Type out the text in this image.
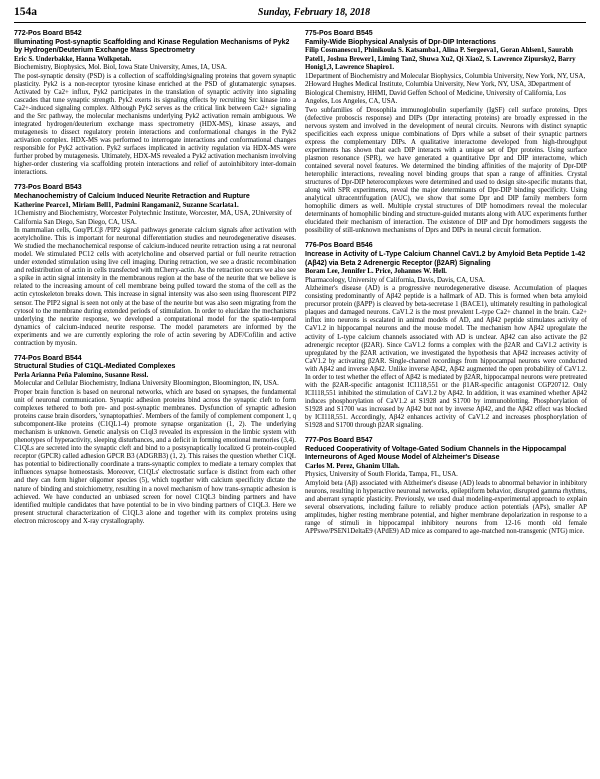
154a	Sunday, February 18, 2018
772-Pos Board B542
Illuminating Post-synaptic Scaffolding and Kinase Regulation Mechanisms of Pyk2 by Hydrogen/Deuterium Exchange Mass Spectrometry
Eric S. Underbakke, Hanna Wolkpetah.
Biochemistry, Biophysics, Mol. Biol, Iowa State University, Ames, IA, USA.

The post-synaptic density (PSD) is a collection of scaffolding/signaling proteins that govern synaptic plasticity. Pyk2 is a non-receptor tyrosine kinase enriched at the PSD of glutamatergic synapses. Activated by Ca2+ influx, Pyk2 participates in the translation of synaptic activity into signaling cascades that tune synaptic strength. Pyk2 exerts its signaling effects by recruiting Src kinase into a Ca2+-induced signaling complex. Although Pyk2 serves as the critical link between Ca2+ signaling and the Src pathway, the molecular mechanisms underlying Pyk2 activation remain ambiguous. We integrated hydrogen/deuterium exchange mass spectrometry (HDX-MS), kinase assays, and mutagenesis to dissect regulatory protein interactions and conformational changes in the Pyk2 activation complex. HDX-MS was performed to interrogate interactions and conformational changes responsible for Pyk2 activation. Pyk2 surfaces implicated in activity regulation via HDX-MS were further probed by mutagenesis. Ultimately, HDX-MS revealed a Pyk2 activation mechanism involving higher-order clustering via scaffolding protein interactions and relief of autoinhibitory inter-domain interactions.

773-Pos Board B543
Mechanochemistry of Calcium Induced Neurite Retraction and Rupture
Katherine Pearce1, Miriam Bell1, Padmini Rangamani2, Suzanne Scarlata1.
1Chemistry and Biochemistry, Worcester Polytechnic Institute, Worcester, MA, USA, 2University of California San Diego, San Diego, CA, USA.

In mammalian cells, Gαq/PLCβ /PIP2 signal pathways generate calcium signals after activation with acetylcholine. This is important for neuronal differentiation studies and neurodegenerative diseases. We studied the mechanochemical response of calcium-induced neurite retraction using a rat neuronal model. We stimulated PC12 cells with acetylcholine and observed partial or full neurite retraction under extended stimulation using live cell imaging. During retraction, we see a drastic recombination and redistribution of actin in cells transfected with mCherry-actin. As the retraction occurs we also see a spike in actin signal intensity in the membranous region at the base of the neurite that we believe is related to the increasing amount of cell membrane being pulled toward the stoma of the cell as the actin cytoskeleton breaks down. This increase in signal intensity was also seen using fluorescent PIP2 sensor. The PIP2 signal is seen not only at the base of the neurite but was also seen migrating from the cytosol to the membrane during extended periods of stimulation. In order to elucidate the mechanisms underlying the neurite response, we developed a computational model for the spatio-temporal dynamics of calcium-induced neurite response. The model parameters are informed by the experiments and we are currently exploring the role of actin severing by ADF/Cofilin and active contraction by myosin.

774-Pos Board B544
Structural Studies of C1QL-Mediated Complexes
Perla Arianna Peña Palomino, Susanne Ressl.
Molecular and Cellular Biochemistry, Indiana University Bloomington, Bloomington, IN, USA.

Proper brain function is based on neuronal networks, which are based on synapses, the fundamental unit of neuronal communication. Synaptic adhesion proteins bind across the synaptic cleft to form complexes tethered to both pre- and post-synaptic membranes. Dysfunction of synaptic adhesion proteins cause brain disorders, 'synaptopathies'. Members of the family of complement component 1, q subcomponent-like proteins (C1QL1-4) promote synapse organization (1, 2). The underlying mechanism is unknown. Genetic analysis on C1ql3 revealed its expression in the limbic system with phenotypes of hyperactivity, sleeping disturbances, and a deficit in forming emotional memories (3,4). C1QLs are secreted into the synaptic cleft and bind to a postsynaptically localized G protein-coupled receptor (GPCR) called adhesion GPCR B3 (ADGRB3) (1, 2). This raises the question whether C1QL has potential to bidirectionally coordinate a trans-synaptic complex to mediate a ternary complex that influences synapse homeostasis. Moreover, C1QLs' electrostatic surface is distinct from each other and they can form higher oligomer species (5), which together with calcium specificity dictate the nature of binding and stoichiometry, resulting in a novel mechanism of how trans-synaptic adhesion is achieved. We have conducted an unbiased screen for novel C1QL3 binding partners and have identified multiple candidates that have potential to be in vivo binding partners of C1QL3. Here we present structural characterization of C1QL3 alone and together with its complex proteins using electron microscopy and X-ray crystallography.

775-Pos Board B545
Family-Wide Biophysical Analysis of Dpr-DIP Interactions
Filip Cosmanescu1, Phinikoula S. Katsamba1, Alina P. Sergeeva1, Goran Ahlsen1, Saurabh Patel1, Joshua Brewer1, Liming Tan2, Shuwa Xu2, Qi Xiao2, S. Lawrence Zipursky2, Barry Honig1,3, Lawrence Shapiro1.
1Department of Biochemistry and Molecular Biophysics, Columbia University, New York, NY, USA, 2Howard Hughes Medical Institute, Columbia University, New York, NY, USA, 3Department of Biological Chemistry, HHMI, David Geffen School of Medicine, University of California, Los Angeles, Los Angeles, CA, USA.

Two subfamilies of Drosophila immunoglobulin superfamily (IgSF) cell surface proteins, Dprs (defective proboscis response) and DIPs (Dpr interacting proteins) are broadly expressed in the nervous system and involved in the development of neural circuits. Neurons with distinct synaptic specificities each express unique combinations of Dprs while a subset of their synaptic partners express the complementary DIPs. A qualitative interactome developed from high-throughput experiments has shown that each DIP interacts with a unique set of Dpr proteins. Using surface plasmon resonance (SPR), we have generated a quantitative Dpr and DIP interactome, which contained several novel features. We determined the binding affinities of the majority of Dpr-DIP heterophilic interactions, revealing novel binding groups that span a range of affinities. Crystal structures of Dpr-DIP heterocomplexes were determined and used to design site-specific mutants that, along with SPR experiments, reveal the major determinants of Dpr-DIP binding specificity. Using analytical ultracentrifugation (AUC), we show that some Dpr and DIP family members form homophilic dimers as well. Multiple crystal structures of DIP homodimers reveal the molecular determinants of homophilic binding and structure-guided mutants along with AUC experiments further elucidated their mechanism of interaction. The existence of DIP and Dpr homodimers suggests the possibility of still-unknown mechanisms of Dprs and DIPs in neural circuit formation.

776-Pos Board B546
Increase in Activity of L-Type Calcium Channel CaV1.2 by Amyloid Beta Peptide 1-42 (Aβ42) via Beta 2 Adrenergic Receptor (β2AR) Signaling
Boram Lee, Jennifer L. Price, Johannes W. Hell.
Pharmacology, University of California, Davis, Davis, CA, USA.

Alzheimer's disease (AD) is a progressive neurodegenerative disease. Accumulation of plaques consisting predominantly of Aβ42 peptide is a hallmark of AD. This is formed when beta amyloid precursor protein (βAPP) is cleaved by beta-secretase 1 (BACE1), ultimately resulting in pathological plaques and damaged neurons. CaV1.2 is the most prevalent L-type Ca2+ channel in the brain. Ca2+ influx into neurons is escalated in animal models of AD, and Aβ42 peptide stimulates activity of CaV1.2 in hippocampal neurons and the mouse model. The mechanism how Aβ42 upregulate the activity of L-type calcium channels associated with AD is unclear. Aβ42 can also activate the β2 adrenergic receptor (β2AR). Since CaV1.2 forms a complex with the β2AR and CaV1.2 activity is upregulated by the β2AR activation, we investigated the hypothesis that Aβ42 increases activity of CaV1.2 by activating β2AR. Single-channel recordings from hippocampal neurons were conducted with Aβ42 and inverse Aβ42. Unlike inverse Aβ42, Aβ42 augmented the open probability of CaV1.2. In order to test whether the effect of Aβ42 is mediated by β2AR, hippocampal neurons were pretreated with the β2AR-specific antagonist ICI118,551 or the β1AR-specific antagonist CGP20712. Only ICI118,551 inhibited the stimulation of CaV1.2 by Aβ42. In addition, it was examined whether Aβ42 induces phosphorylation of CaV1.2 at S1928 and S1700 by immunoblotting. Phosphorylation of S1928 and S1700 was increased by Aβ42 but not by inverse Aβ42, and the Aβ42 effect was blocked by ICI118,551. Accordingly, Aβ42 enhances activity of CaV1.2 and increases phosphorylation of S1928 and S1700 through β2AR signaling.

777-Pos Board B547
Reduced Cooperativity of Voltage-Gated Sodium Channels in the Hippocampal Interneurons of Aged Mouse Model of Alzheimer's Disease
Carlos M. Perez, Ghanim Ullah.
Physics, University of South Florida, Tampa, FL, USA.

Amyloid beta (Aβ) associated with Alzheimer's disease (AD) leads to abnormal behavior in inhibitory neurons, resulting in hyperactive neuronal networks, epileptiform behavior, disrupted gamma rhythms, and aberrant synaptic plasticity. Previously, we used dual modeling-experimental approach to explain several observations, including failure to reliably produce action potentials (APs), smaller AP amplitudes, higher resting membrane potential, and higher membrane depolarization in response to a range of stimuli in hippocampal inhibitory neurons from 12-16 month old female APPswe/PSEN1DeltaE9 (APdE9) AD mice as compared to age-matched non-transgenic (NTG) mice.
